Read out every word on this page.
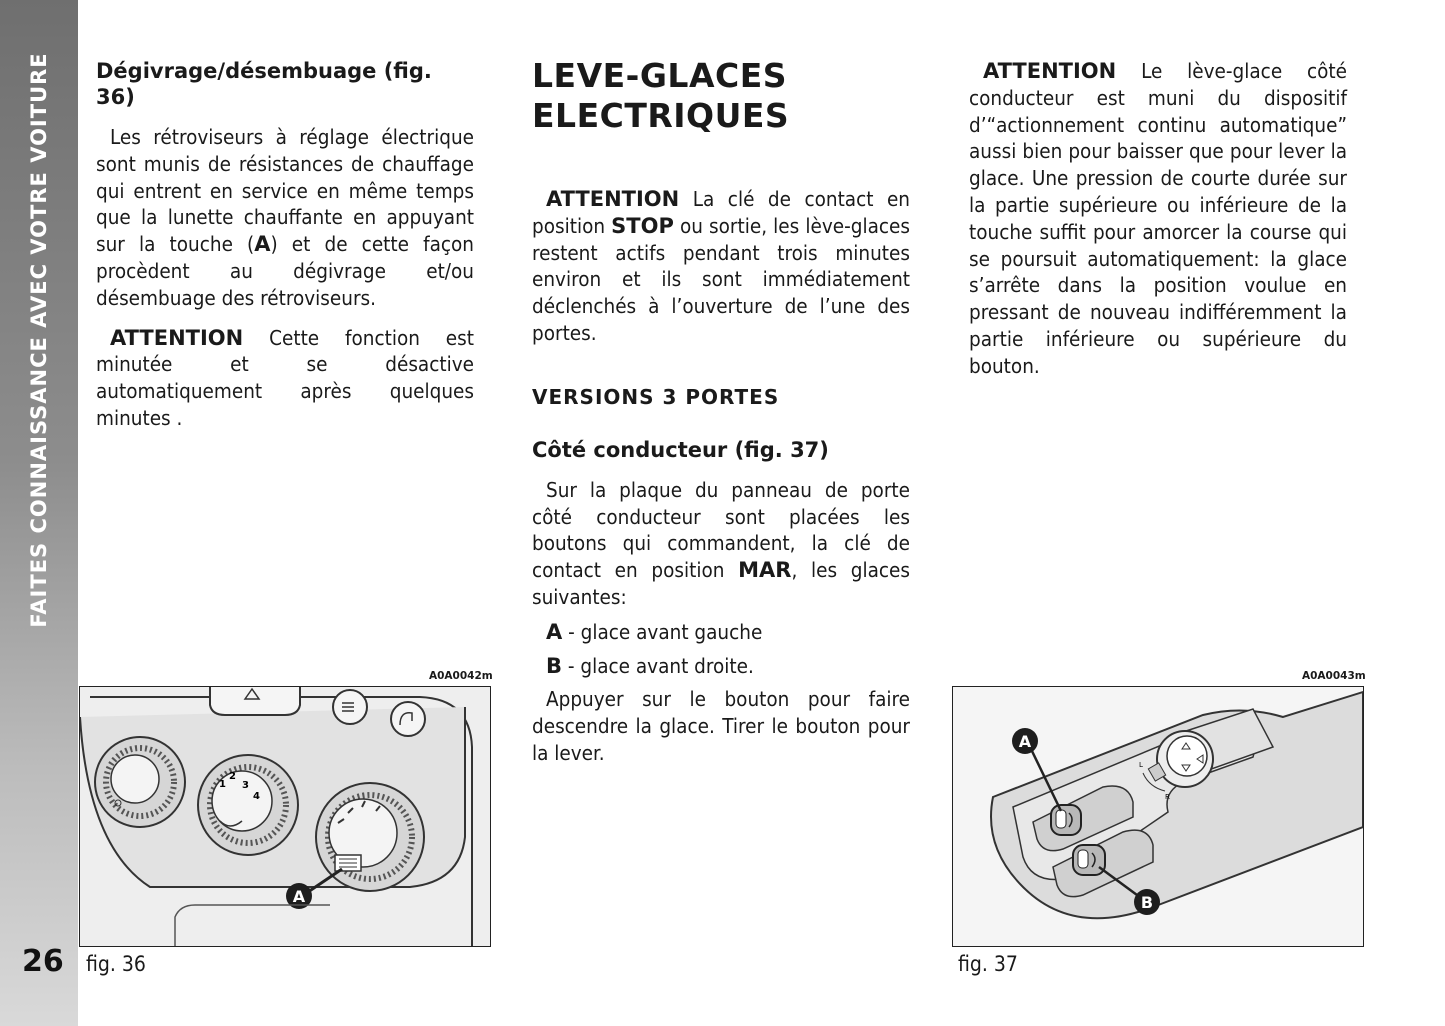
FAITES CONNAISSANCE AVEC VOTRE VOITURE
26
Dégivrage/désembuage (fig. 36)

Les rétroviseurs à réglage électrique sont munis de résistances de chauffage qui entrent en service en même temps que la lunette chauffante en appuyant sur la touche (A) et de cette façon procèdent au dégivrage et/ou désembuage des rétroviseurs.

ATTENTION Cette fonction est minutée et se désactive automatiquement après quelques minutes .

LEVE-GLACES
ELECTRIQUES

ATTENTION La clé de contact en position STOP ou sortie, les lève-glaces restent actifs pendant trois minutes environ et ils sont immédiatement déclenchés à l’ouverture de l’une des portes.

VERSIONS 3 PORTES
Côté conducteur (fig. 37)

Sur la plaque du panneau de porte côté conducteur sont placées les boutons qui commandent, la clé de contact en position MAR, les glaces suivantes:

A - glace avant gauche

B - glace avant droite.

Appuyer sur le bouton pour faire descendre la glace. Tirer le bouton pour la lever.

ATTENTION Le lève-glace côté conducteur est muni du dispositif d’“actionnement continu automatique” aussi bien pour baisser que pour lever la glace. Une pression de courte durée sur la partie supérieure ou inférieure de la touche suffit pour amorcer la course qui se poursuit automatiquement: la glace s’arrête dans la position voulue en pressant de nouveau indifféremment la partie inférieure ou supérieure du bouton.

A0A0042m
1
2
3
4
A
fig. 36
A0A0043m
L
R
A
B
fig. 37
